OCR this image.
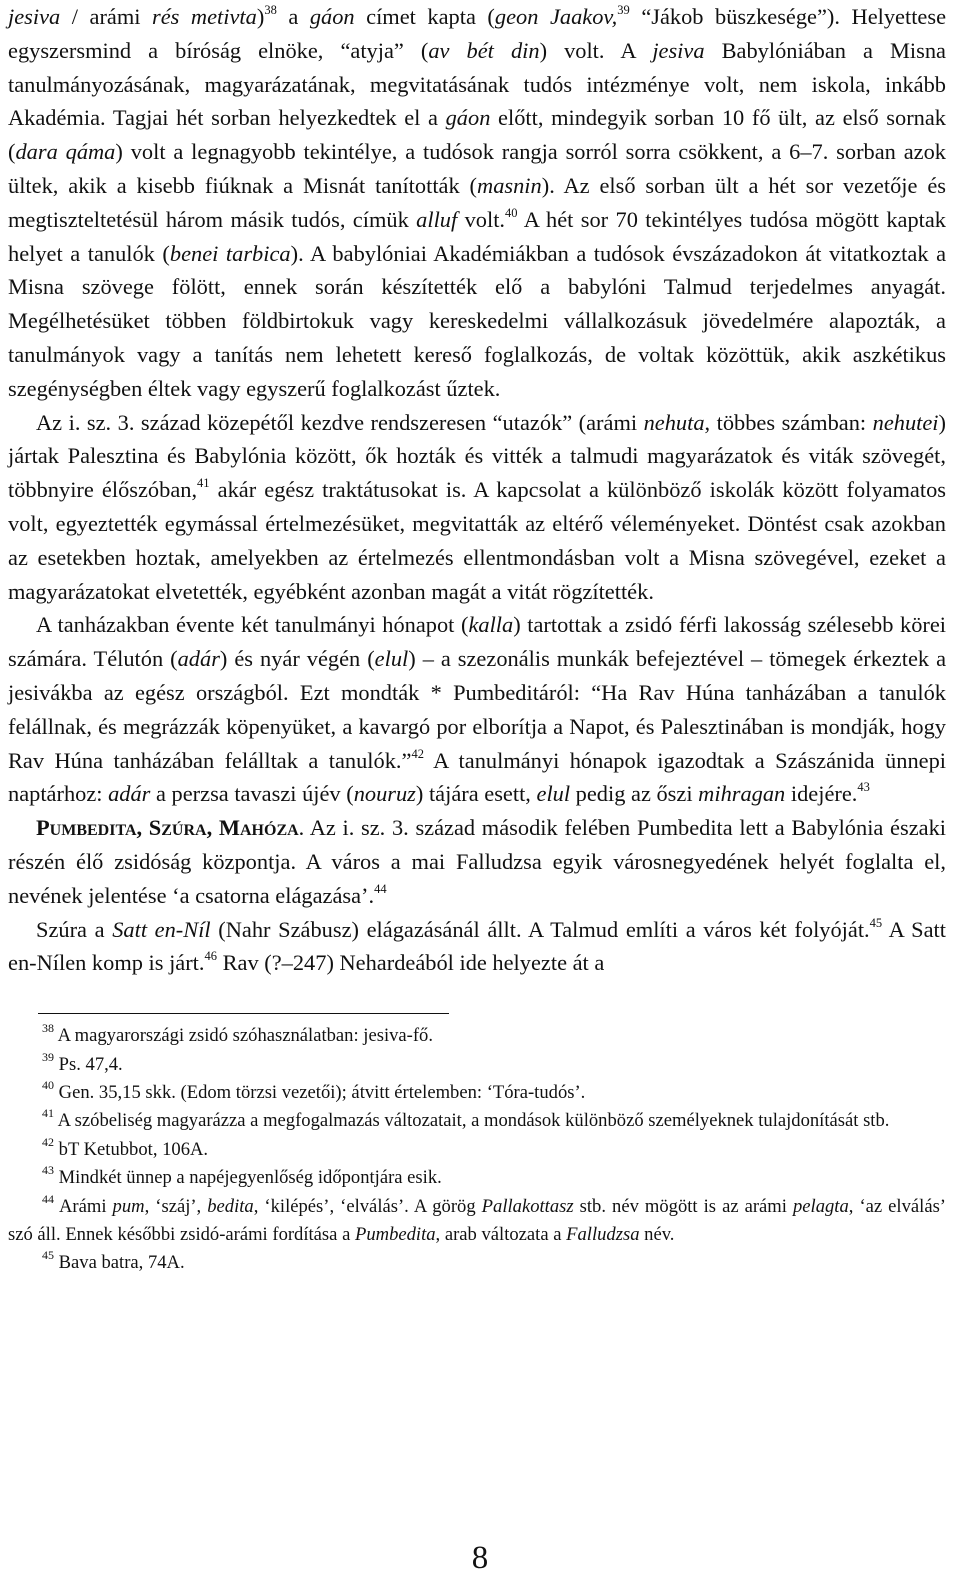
jesiva / arámi rés metivta)$^{38}$ a gáon címet kapta (geon Jaakov,$^{39}$ “Jákob büszkesége”). Helyettese egyszersmind a bíróság elnöke, “atyja” (av bét din) volt. A jesiva Babylóniában a Misna tanulmányozásának, magyarázatának, megvitatásának tudós intézménye volt, nem iskola, inkább Akadémia. Tagjai hét sorban helyezkedtek el a gáon előtt, mindegyik sorban 10 fő ült, az első sornak (dara qáma) volt a legnagyobb tekintélye, a tudósok rangja sorról sorra csökkent, a 6–7. sorban azok ültek, akik a kisebb fiúknak a Misnát tanították (masnin). Az első sorban ült a hét sor vezetője és megtiszteltetésül három másik tudós, címük alluf volt.$^{40}$ A hét sor 70 tekintélyes tudósa mögött kaptak helyet a tanulók (benei tarbica). A babylóniai Akadémiákban a tudósok évszázadokon át vitatkoztak a Misna szövege fölött, ennek során készítették elő a babylóni Talmud terjedelmes anyagát. Megélhetésüket többen földbirtokuk vagy kereskedelmi vállalkozásuk jövedelmére alapozták, a tanulmányok vagy a tanítás nem lehetett kereső foglalkozás, de voltak közöttük, akik aszkétikus szegénységben éltek vagy egyszerű foglalkozást űztek.

Az i. sz. 3. század közepétől kezdve rendszeresen “utazók” (arámi nehuta, többes számban: nehutei) jártak Palesztina és Babylónia között, ők hozták és vitték a talmudi magyarázatok és viták szövegét, többnyire élőszóban,$^{41}$ akár egész traktátusokat is. A kapcsolat a különböző iskolák között folyamatos volt, egyeztették egymással értelmezésüket, megvitatták az eltérő véleményeket. Döntést csak azokban az esetekben hoztak, amelyekben az értelmezés ellentmondásban volt a Misna szövegével, ezeket a magyarázatokat elvetették, egyébként azonban magát a vitát rögzítették.

A tanházakban évente két tanulmányi hónapot (kalla) tartottak a zsidó férfi lakosság szélesebb körei számára. Télutón (adár) és nyár végén (elul) – a szezonális munkák befejeztével – tömegek érkeztek a jesivákba az egész országból. Ezt mondták * Pumbeditáról: “Ha Rav Húna tanházában a tanulók felállnak, és megrázzák köpenyüket, a kavargó por elborítja a Napot, és Palesztinában is mondják, hogy Rav Húna tanházában felálltak a tanulók.”$^{42}$ A tanulmányi hónapok igazodtak a Szászánida ünnepi naptárhoz: adár a perzsa tavaszi újév (nouruz) tájára esett, elul pedig az őszi mihragan idejére.$^{43}$

Pumbedita, Szúra, Mahóza. Az i. sz. 3. század második felében Pumbedita lett a Babylónia északi részén élő zsidóság központja. A város a mai Falludzsa egyik városnegyedének helyét foglalta el, nevének jelentése ‘a csatorna elágazása’.$^{44}$

Szúra a Satt en-Níl (Nahr Szábusz) elágazásánál állt. A Talmud említi a város két folyóját.$^{45}$ A Satt en-Nílen komp is járt.$^{46}$ Rav (?–247) Nehardeából ide helyezte át a

$^{38}$ A magyarországi zsidó szóhasználatban: jesiva-fő.

$^{39}$ Ps. 47,4.

$^{40}$ Gen. 35,15 skk. (Edom törzsi vezetői); átvitt értelemben: ‘Tóra-tudós’.

$^{41}$ A szóbeliség magyarázza a megfogalmazás változatait, a mondások különböző személyeknek tulajdonítását stb.

$^{42}$ bT Ketubbot, 106A.

$^{43}$ Mindkét ünnep a napéjegyenlőség időpontjára esik.

$^{44}$ Arámi pum, ‘száj’, bedita, ‘kilépés’, ‘elválás’. A görög Pallakottasz stb. név mögött is az arámi pelagta, ‘az elválás’ szó áll. Ennek későbbi zsidó-arámi fordítása a Pumbedita, arab változata a Falludzsa név.

$^{45}$ Bava batra, 74A.

8
